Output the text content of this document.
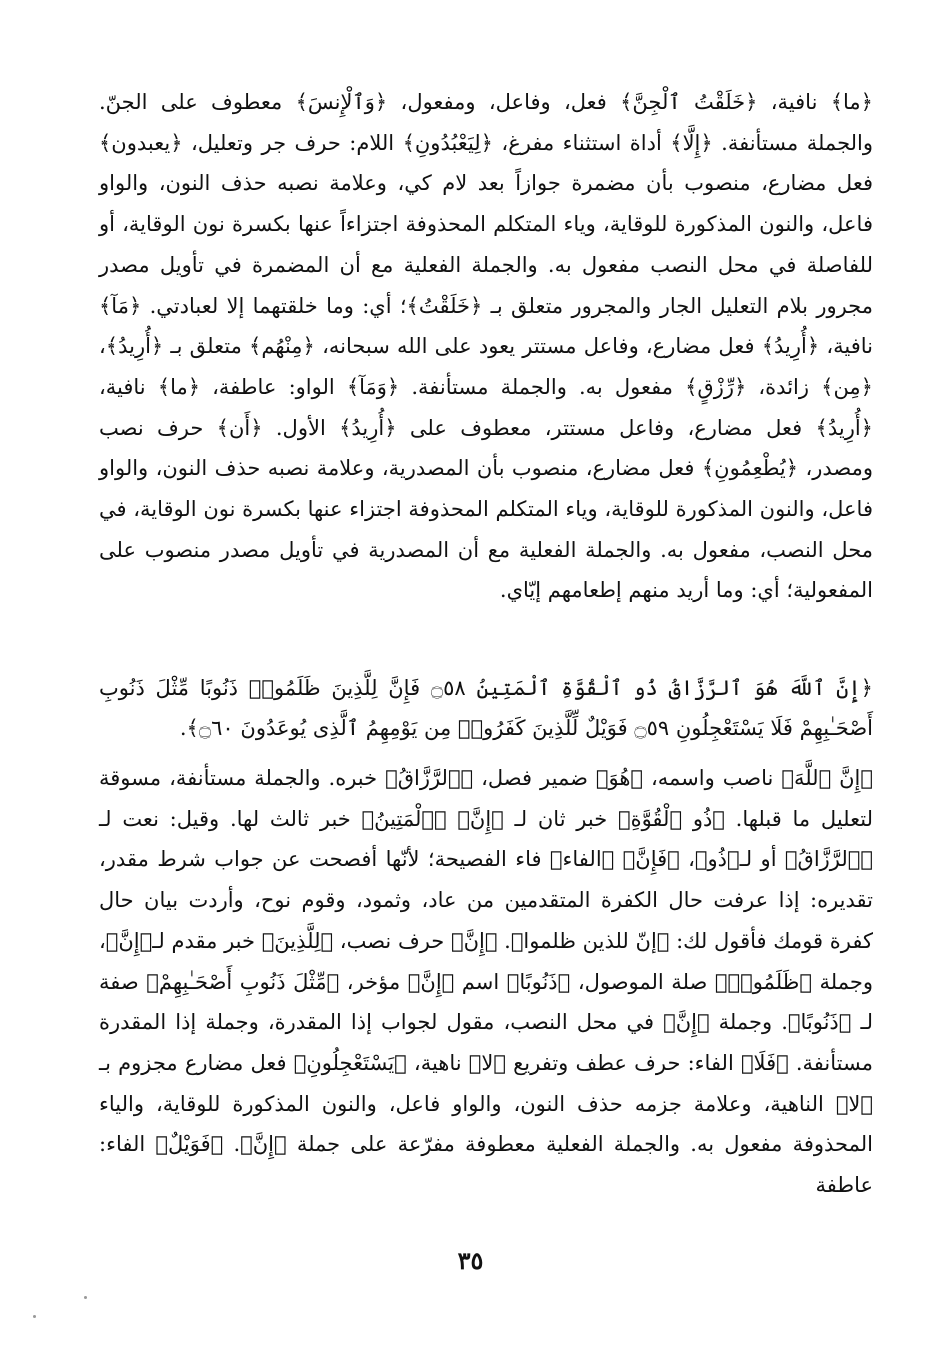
﴿ما﴾ نافية، ﴿خَلَقْتُ ٱلْجِنَّ﴾ فعل، وفاعل، ومفعول، ﴿وَٱلْإِنسَ﴾ معطوف على الجنّ. والجملة مستأنفة. ﴿إِلَّا﴾ أداة استثناء مفرغ، ﴿لِيَعْبُدُونِ﴾ اللام: حرف جر وتعليل، ﴿يعبدون﴾ فعل مضارع، منصوب بأن مضمرة جوازاً بعد لام كي، وعلامة نصبه حذف النون، والواو فاعل، والنون المذكورة للوقاية، وياء المتكلم المحذوفة اجتزاءاً عنها بكسرة نون الوقاية، أو للفاصلة في محل النصب مفعول به. والجملة الفعلية مع أن المضمرة في تأويل مصدر مجرور بلام التعليل الجار والمجرور متعلق بـ ﴿خَلَقْتُ﴾؛ أي: وما خلقتهما إلا لعبادتي. ﴿مَآ﴾ نافية، ﴿أُرِيدُ﴾ فعل مضارع، وفاعل مستتر يعود على الله سبحانه، ﴿مِنْهُم﴾ متعلق بـ ﴿أُرِيدُ﴾، ﴿مِن﴾ زائدة، ﴿رِّزْقٍ﴾ مفعول به. والجملة مستأنفة. ﴿وَمَآ﴾ الواو: عاطفة، ﴿ما﴾ نافية، ﴿أُرِيدُ﴾ فعل مضارع، وفاعل مستتر، معطوف على ﴿أُرِيدُ﴾ الأول. ﴿أَن﴾ حرف نصب ومصدر، ﴿يُطْعِمُونِ﴾ فعل مضارع، منصوب بأن المصدرية، وعلامة نصبه حذف النون، والواو فاعل، والنون المذكورة للوقاية، وياء المتكلم المحذوفة اجتزاء عنها بكسرة نون الوقاية، في محل النصب، مفعول به. والجملة الفعلية مع أن المصدرية في تأويل مصدر منصوب على المفعولية؛ أي: وما أريد منهم إطعامهم إيّاي.

﴿إِنَّ ٱللَّهَ هُوَ ٱلرَّزَّاقُ ذُو ٱلْقُوَّةِ ٱلْمَتِينُ ۝٥٨ فَإِنَّ لِلَّذِينَ ظَلَمُوا۟ ذَنُوبًا مِّثْلَ ذَنُوبِ أَصْحَـٰبِهِمْ فَلَا يَسْتَعْجِلُونِ ۝٥٩ فَوَيْلٌ لِّلَّذِينَ كَفَرُوا۟ مِن يَوْمِهِمُ ٱلَّذِى يُوعَدُونَ ۝٦٠﴾.

﴿إِنَّ ٱللَّهَ﴾ ناصب واسمه، ﴿هُوَ﴾ ضمير فصل، ﴿ٱلرَّزَّاقُ﴾ خبره. والجملة مستأنفة، مسوقة لتعليل ما قبلها. ﴿ذُو ٱلْقُوَّةِ﴾ خبر ثان لـ ﴿إِنَّ﴾ ﴿ٱلْمَتِينُ﴾ خبر ثالث لها. وقيل: نعت لـ ﴿ٱلرَّزَّاقُ﴾ أو لـ﴿ذُو﴾، ﴿فَإِنَّ﴾ ﴿الفاء﴾ فاء الفصيحة؛ لأنّها أفصحت عن جواب شرط مقدر، تقديره: إذا عرفت حال الكفرة المتقدمين من عاد، وثمود، وقوم نوح، وأردت بيان حال كفرة قومك فأقول لك: ﴿إنّ للذين ظلموا﴾. ﴿إِنَّ﴾ حرف نصب، ﴿لِلَّذِينَ﴾ خبر مقدم لـ﴿إِنَّ﴾، وجملة ﴿ظَلَمُوا۟﴾ صلة الموصول، ﴿ذَنُوبًا﴾ اسم ﴿إِنَّ﴾ مؤخر، ﴿مِّثْلَ ذَنُوبِ أَصْحَـٰبِهِمْ﴾ صفة لـ ﴿ذَنُوبًا﴾. وجملة ﴿إِنَّ﴾ في محل النصب، مقول لجواب إذا المقدرة، وجملة إذا المقدرة مستأنفة. ﴿فَلَا﴾ الفاء: حرف عطف وتفريع ﴿لا﴾ ناهية، ﴿يَسْتَعْجِلُونِ﴾ فعل مضارع مجزوم بـ ﴿لا﴾ الناهية، وعلامة جزمه حذف النون، والواو فاعل، والنون المذكورة للوقاية، والياء المحذوفة مفعول به. والجملة الفعلية معطوفة مفرّعة على جملة ﴿إِنَّ﴾. ﴿فَوَيْلٌ﴾ الفاء: عاطفة

٣٥
